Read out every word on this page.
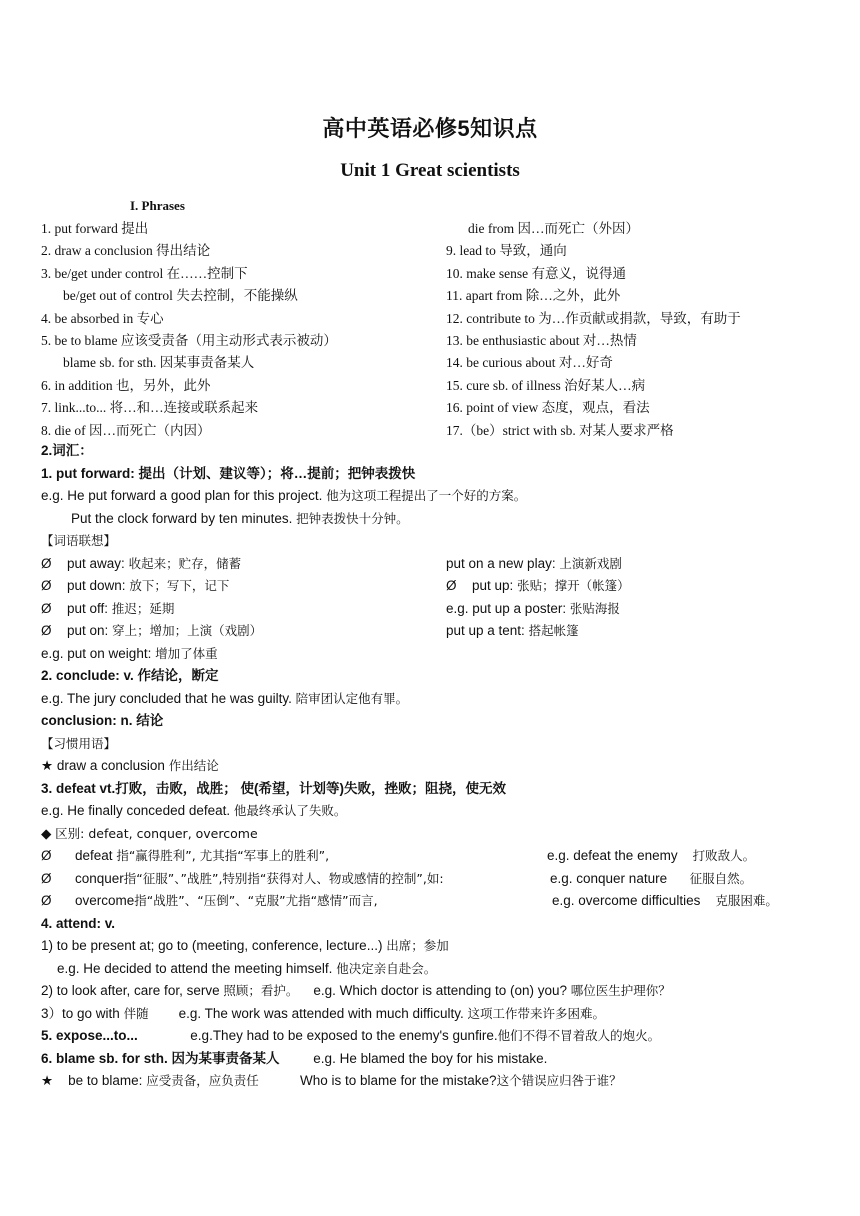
高中英语必修5知识点
Unit 1 Great scientists
I. Phrases
1. put forward 提出
2. draw a conclusion 得出结论
3. be/get under control 在……控制下
be/get out of control 失去控制，不能操纵
4. be absorbed in 专心
5. be to blame 应该受责备（用主动形式表示被动）
blame sb. for sth. 因某事责备某人
6. in addition 也，另外，此外
7. link...to... 将…和…连接或联系起来
8. die of 因…而死亡（内因）
die from 因…而死亡（外因）
9. lead to 导致，通向
10. make sense 有意义，说得通
11. apart from 除…之外，此外
12. contribute to 为…作贡献或捐款，导致，有助于
13. be enthusiastic about 对…热情
14. be curious about 对…好奇
15. cure sb. of illness 治好某人…病
16. point of view 态度，观点，看法
17.（be）strict with sb. 对某人要求严格
2.词汇：
1. put forward: 提出（计划、建议等）；将…提前；把钟表拨快
e.g. He put forward a good plan for this project. 他为这项工程提出了一个好的方案。
Put the clock forward by ten minutes. 把钟表拨快十分钟。
【词语联想】
Ø put away: 收起来；贮存，储蓄	put on a new play: 上演新戏剧
Ø put down: 放下；写下，记下	Ø put up: 张贴；撑开（帐篷）
Ø put off: 推迟；延期	e.g. put up a poster: 张贴海报
Ø put on: 穿上；增加；上演（戏剧）	put up a tent: 搭起帐篷
e.g. put on weight: 增加了体重
2. conclude: v. 作结论，断定
e.g. The jury concluded that he was guilty. 陪审团认定他有罪。
conclusion: n. 结论
【习惯用语】
★ draw a conclusion 作出结论
3. defeat vt.打败，击败，战胜； 使(希望，计划等)失败，挫败；阻挠，使无效
e.g. He finally conceded defeat. 他最终承认了失败。
◆ 区别: defeat, conquer, overcome
Ø defeat 指“赢得胜利”, 尤其指“军事上的胜利”,	e.g. defeat the enemy 打败敌人。
Ø conquer指“征服”、”战胜”,特别指“获得对人、物或感情的控制”,如:	e.g. conquer nature 征服自然。
Ø overcome指“战胜”、“压倒”、“克服”尤指“感情”而言,	e.g. overcome difficulties 克服困难。
4. attend: v.
1) to be present at; go to (meeting, conference, lecture...) 出席；参加
e.g. He decided to attend the meeting himself. 他决定亲自赴会。
2) to look after, care for, serve 照顾；看护。 e.g. Which doctor is attending to (on) you? 哪位医生护理你？
3）to go with 伴随 e.g. The work was attended with much difficulty. 这项工作带来许多困难。
5. expose...to...	e.g.They had to be exposed to the enemy's gunfire.他们不得不冒着敌人的炮火。
6. blame sb. for sth. 因为某事责备某人	e.g. He blamed the boy for his mistake.
★ be to blame: 应受责备，应负责任	Who is to blame for the mistake?这个错误应归咎于谁？
